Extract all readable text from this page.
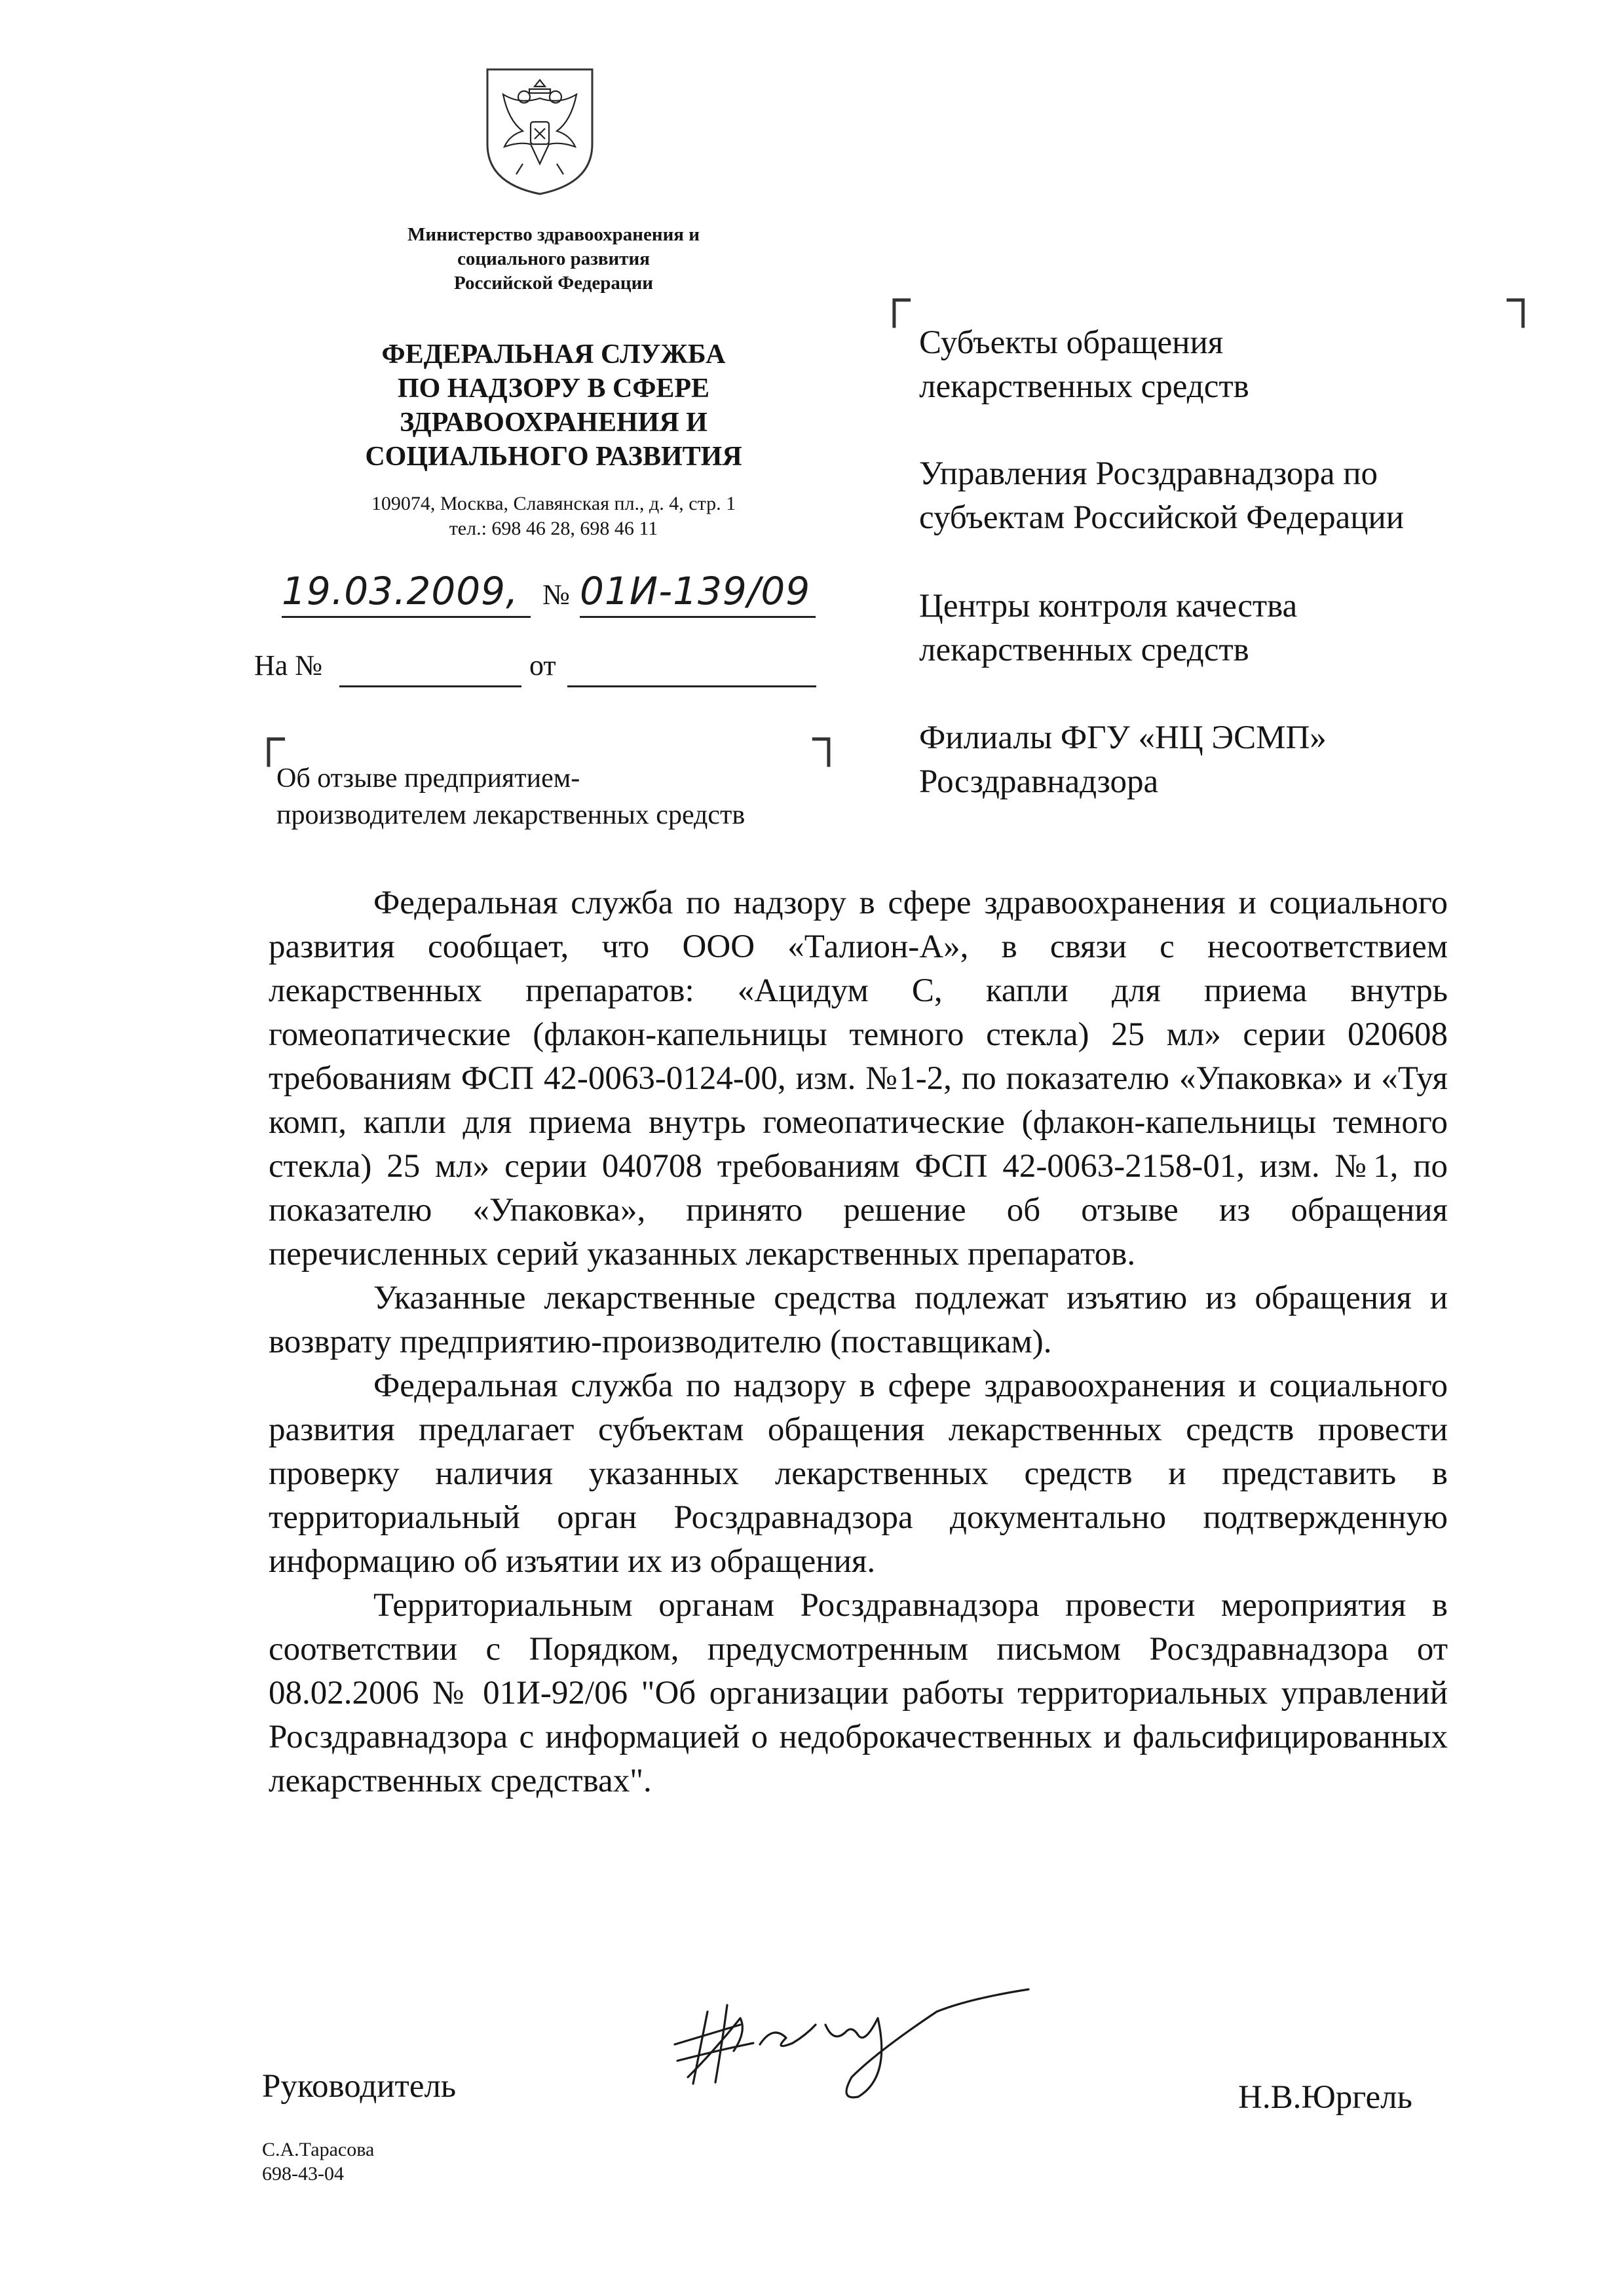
Министерство здравоохранения и
социального развития
Российской Федерации
ФЕДЕРАЛЬНАЯ СЛУЖБА
ПО НАДЗОРУ В СФЕРЕ
ЗДРАВООХРАНЕНИЯ И
СОЦИАЛЬНОГО РАЗВИТИЯ
109074, Москва, Славянская пл., д. 4, стр. 1
тел.: 698 46 28, 698 46 11
19.03.2009, № 01И-139/09
На №	от
┌	┐
Об отзыве предприятием-
производителем лекарственных средств
┌	┐
Субъекты обращения
лекарственных средств
Управления Росздравнадзора по
субъектам Российской Федерации
Центры контроля качества
лекарственных средств
Филиалы ФГУ «НЦ ЭСМП»
Росздравнадзора

Федеральная служба по надзору в сфере здравоохранения и социального развития сообщает, что ООО «Талион-А», в связи с несоответствием лекарственных препаратов: «Ацидум С, капли для приема внутрь гомеопатические (флакон-капельницы темного стекла) 25 мл» серии 020608 требованиям ФСП 42-0063-0124-00, изм. №1-2, по показателю «Упаковка» и «Туя комп, капли для приема внутрь гомеопатические (флакон-капельницы темного стекла) 25 мл» серии 040708 требованиям ФСП 42-0063-2158-01, изм. №1, по показателю «Упаковка», принято решение об отзыве из обращения перечисленных серий указанных лекарственных препаратов.

Указанные лекарственные средства подлежат изъятию из обращения и возврату предприятию-производителю (поставщикам).

Федеральная служба по надзору в сфере здравоохранения и социального развития предлагает субъектам обращения лекарственных средств провести проверку наличия указанных лекарственных средств и представить в территориальный орган Росздравнадзора документально подтвержденную информацию об изъятии их из обращения.

Территориальным органам Росздравнадзора провести мероприятия в соответствии с Порядком, предусмотренным письмом Росздравнадзора от 08.02.2006 № 01И-92/06 "Об организации работы территориальных управлений Росздравнадзора с информацией о недоброкачественных и фальсифицированных лекарственных средствах".

Руководитель	Н.В.Юргель
С.А.Тарасова
698-43-04
